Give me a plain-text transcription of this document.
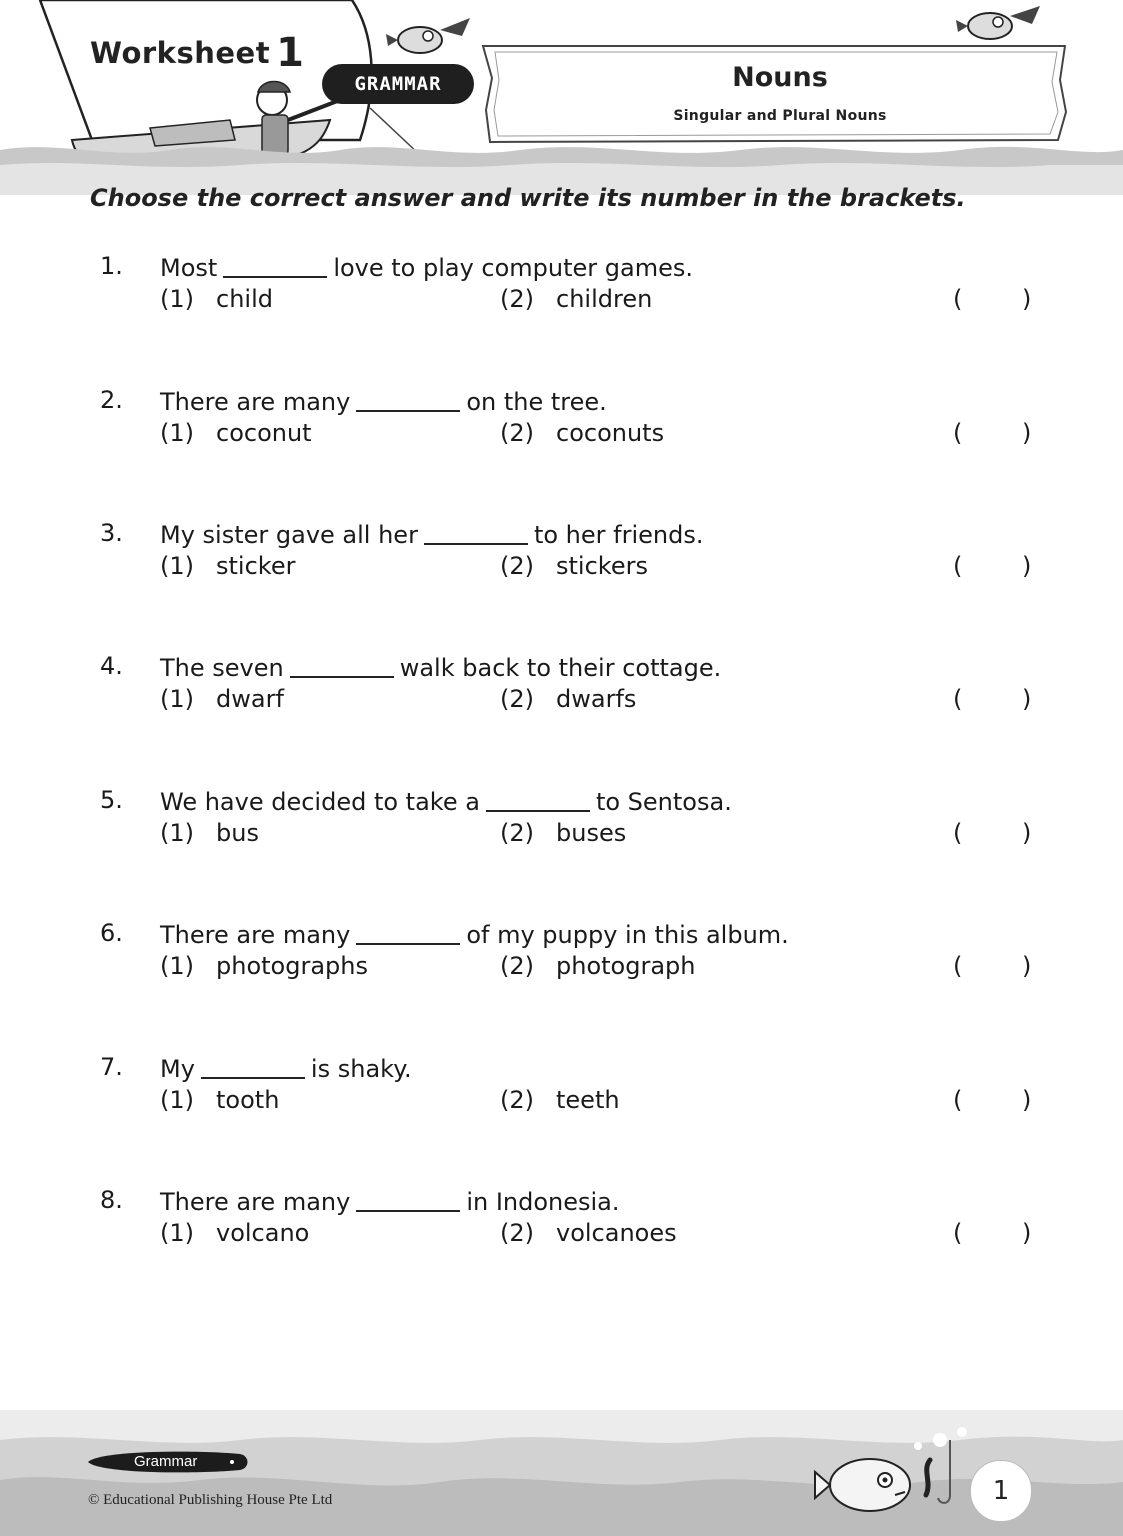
Worksheet 1
GRAMMAR	Nouns
Singular and Plural Nouns
Choose the correct answer and write its number in the brackets.
1. Most	love to play computer games.
(1) child	(2) children	( )
2. There are many	on the tree.
(1) coconut	(2) coconuts	( )
3. My sister gave all her	to her friends.
(1) sticker	(2) stickers	( )
4. The seven	walk back to their cottage.
(1) dwarf	(2) dwarfs	( )
5. We have decided to take a	to Sentosa.
(1) bus	(2) buses	( )
6. There are many	of my puppy in this album.
(1) photographs	(2) photograph	( )
7. My	is shaky.
(1) tooth	(2) teeth	( )
8. There are many	in Indonesia.
(1) volcano	(2) volcanoes	( )
Grammar
© Educational Publishing House Pte Ltd	1
